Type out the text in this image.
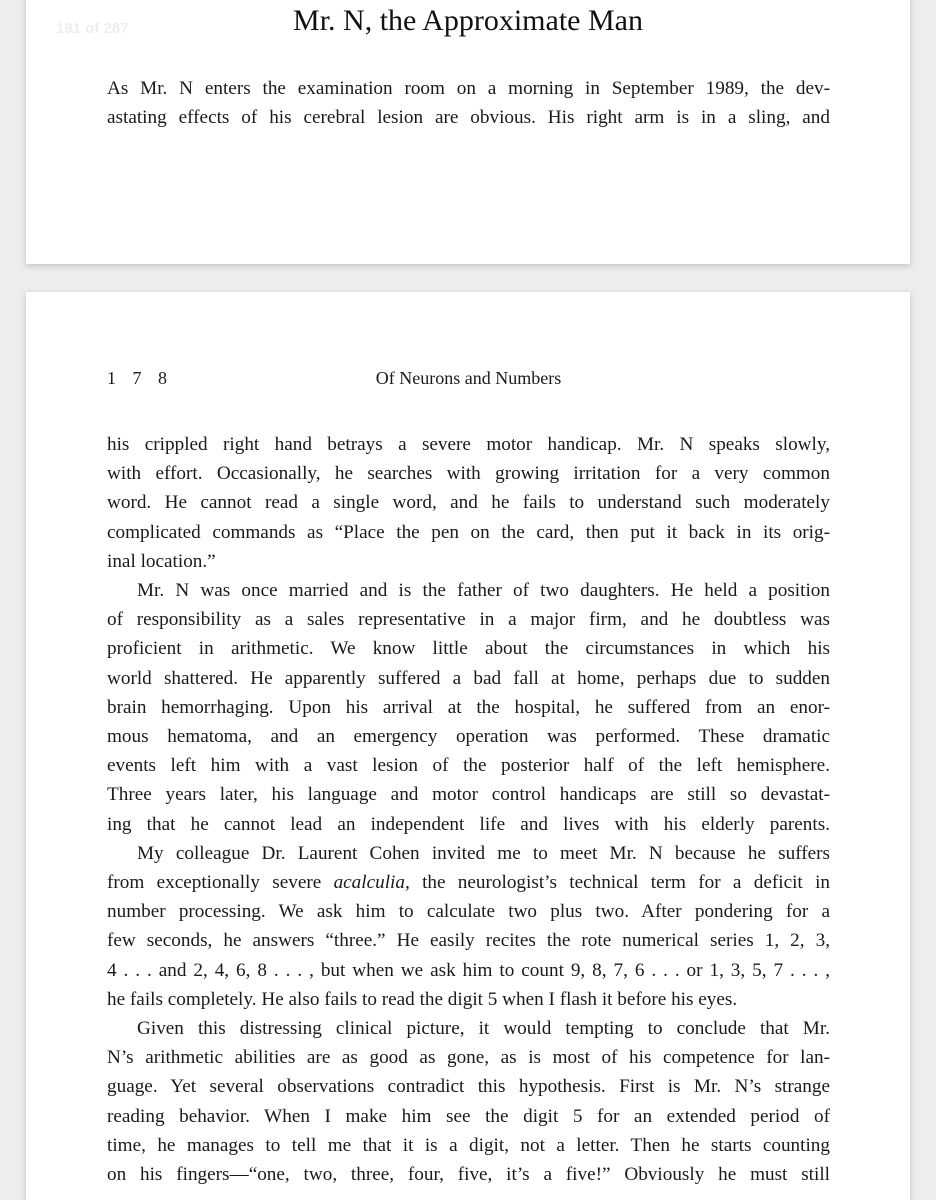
191 of 287	Mr. N, the Approximate Man
As Mr. N enters the examination room on a morning in September 1989, the dev-
astating effects of his cerebral lesion are obvious. His right arm is in a sling, and
1 7 8	Of Neurons and Numbers
his crippled right hand betrays a severe motor handicap. Mr. N speaks slowly,
with effort. Occasionally, he searches with growing irritation for a very common
word. He cannot read a single word, and he fails to understand such moderately
complicated commands as “Place the pen on the card, then put it back in its orig-
inal location.”
Mr. N was once married and is the father of two daughters. He held a position
of responsibility as a sales representative in a major firm, and he doubtless was
proficient in arithmetic. We know little about the circumstances in which his
world shattered. He apparently suffered a bad fall at home, perhaps due to sudden
brain hemorrhaging. Upon his arrival at the hospital, he suffered from an enor-
mous hematoma, and an emergency operation was performed. These dramatic
events left him with a vast lesion of the posterior half of the left hemisphere.
Three years later, his language and motor control handicaps are still so devastat-
ing that he cannot lead an independent life and lives with his elderly parents.
My colleague Dr. Laurent Cohen invited me to meet Mr. N because he suffers
from exceptionally severe acalculia, the neurologist’s technical term for a deficit in
number processing. We ask him to calculate two plus two. After pondering for a
few seconds, he answers “three.” He easily recites the rote numerical series 1, 2, 3,
4 . . . and 2, 4, 6, 8 . . . , but when we ask him to count 9, 8, 7, 6 . . . or 1, 3, 5, 7 . . . ,
he fails completely. He also fails to read the digit 5 when I flash it before his eyes.
Given this distressing clinical picture, it would tempting to conclude that Mr.
N’s arithmetic abilities are as good as gone, as is most of his competence for lan-
guage. Yet several observations contradict this hypothesis. First is Mr. N’s strange
reading behavior. When I make him see the digit 5 for an extended period of
time, he manages to tell me that it is a digit, not a letter. Then he starts counting
on his fingers—“one, two, three, four, five, it’s a five!” Obviously he must still
